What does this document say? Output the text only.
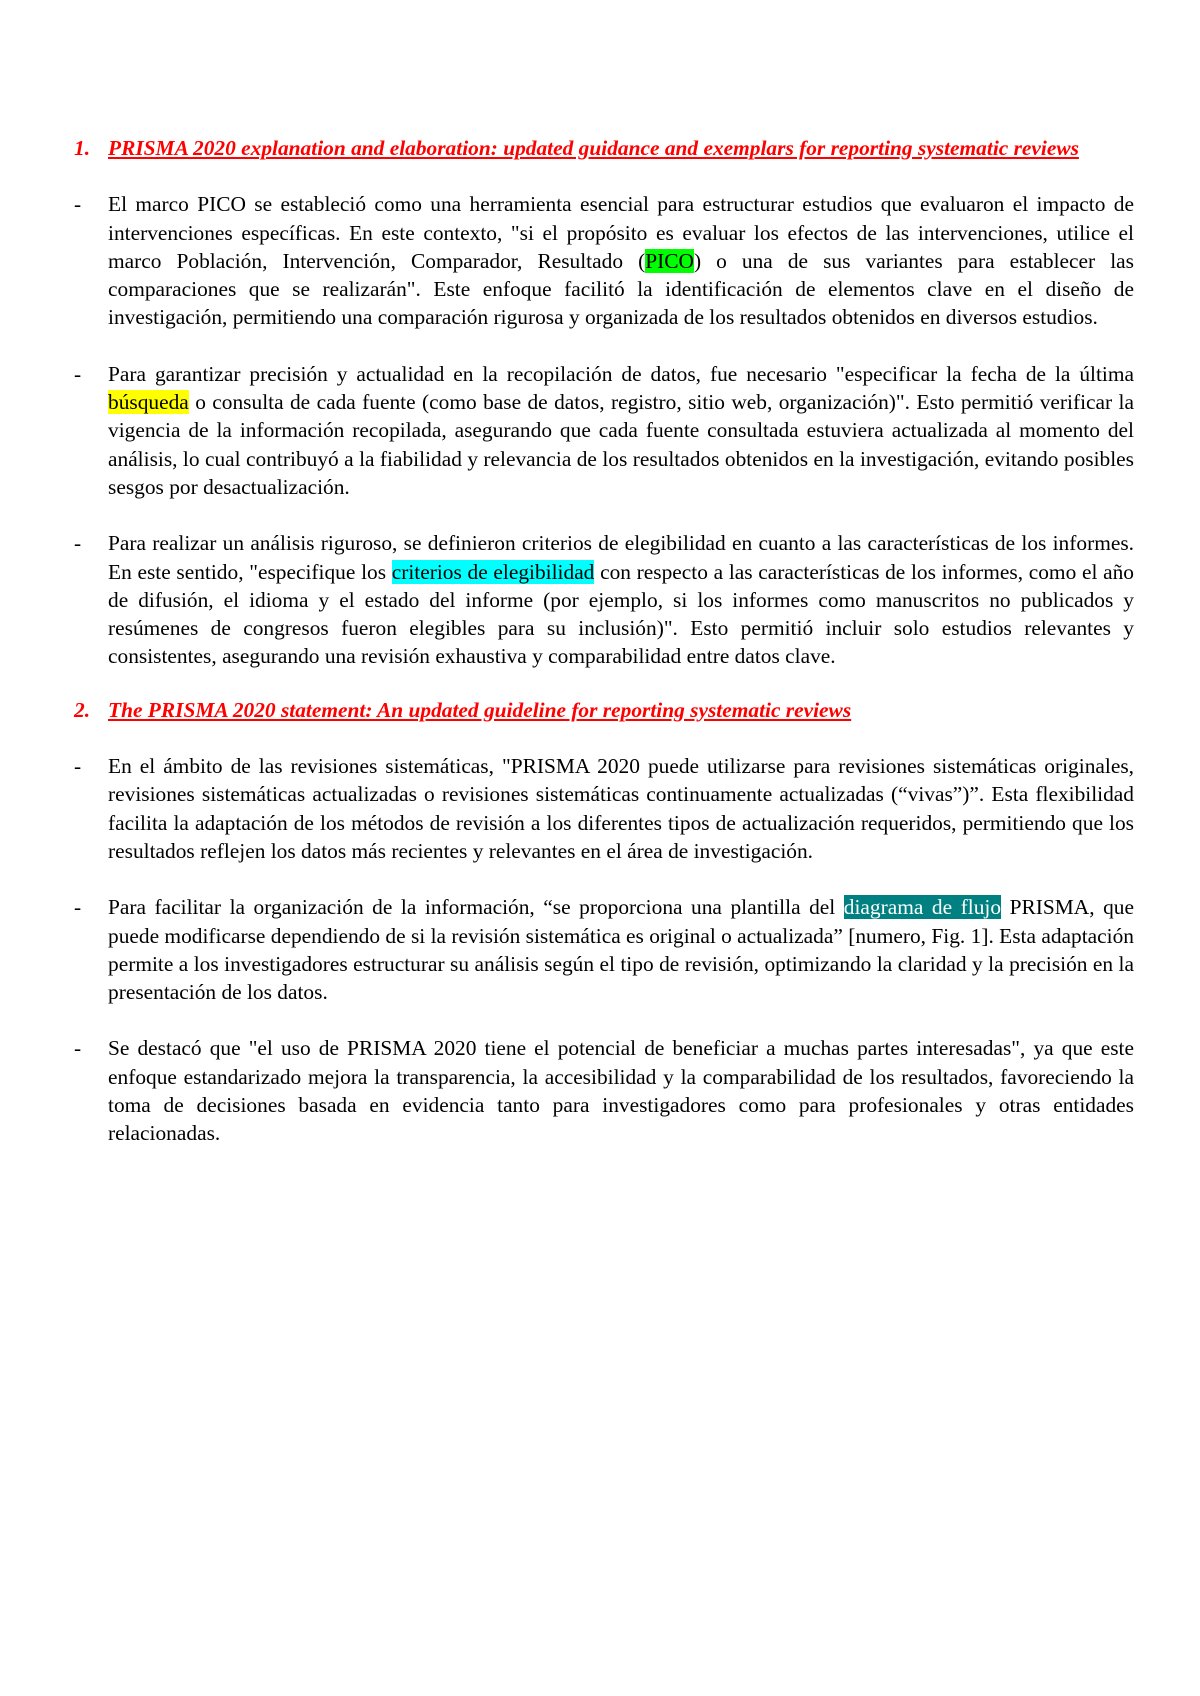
1. PRISMA 2020 explanation and elaboration: updated guidance and exemplars for reporting systematic reviews
- El marco PICO se estableció como una herramienta esencial para estructurar estudios que evaluaron el impacto de intervenciones específicas. En este contexto, "si el propósito es evaluar los efectos de las intervenciones, utilice el marco Población, Intervención, Comparador, Resultado (PICO) o una de sus variantes para establecer las comparaciones que se realizarán". Este enfoque facilitó la identificación de elementos clave en el diseño de investigación, permitiendo una comparación rigurosa y organizada de los resultados obtenidos en diversos estudios.
- Para garantizar precisión y actualidad en la recopilación de datos, fue necesario "especificar la fecha de la última búsqueda o consulta de cada fuente (como base de datos, registro, sitio web, organización)". Esto permitió verificar la vigencia de la información recopilada, asegurando que cada fuente consultada estuviera actualizada al momento del análisis, lo cual contribuyó a la fiabilidad y relevancia de los resultados obtenidos en la investigación, evitando posibles sesgos por desactualización.
- Para realizar un análisis riguroso, se definieron criterios de elegibilidad en cuanto a las características de los informes. En este sentido, "especifique los criterios de elegibilidad con respecto a las características de los informes, como el año de difusión, el idioma y el estado del informe (por ejemplo, si los informes como manuscritos no publicados y resúmenes de congresos fueron elegibles para su inclusión)". Esto permitió incluir solo estudios relevantes y consistentes, asegurando una revisión exhaustiva y comparabilidad entre datos clave.
2. The PRISMA 2020 statement: An updated guideline for reporting systematic reviews
- En el ámbito de las revisiones sistemáticas, "PRISMA 2020 puede utilizarse para revisiones sistemáticas originales, revisiones sistemáticas actualizadas o revisiones sistemáticas continuamente actualizadas (“vivas”)”. Esta flexibilidad facilita la adaptación de los métodos de revisión a los diferentes tipos de actualización requeridos, permitiendo que los resultados reflejen los datos más recientes y relevantes en el área de investigación.
- Para facilitar la organización de la información, “se proporciona una plantilla del diagrama de flujo PRISMA, que puede modificarse dependiendo de si la revisión sistemática es original o actualizada” [numero, Fig. 1]. Esta adaptación permite a los investigadores estructurar su análisis según el tipo de revisión, optimizando la claridad y la precisión en la presentación de los datos.
- Se destacó que "el uso de PRISMA 2020 tiene el potencial de beneficiar a muchas partes interesadas", ya que este enfoque estandarizado mejora la transparencia, la accesibilidad y la comparabilidad de los resultados, favoreciendo la toma de decisiones basada en evidencia tanto para investigadores como para profesionales y otras entidades relacionadas.
